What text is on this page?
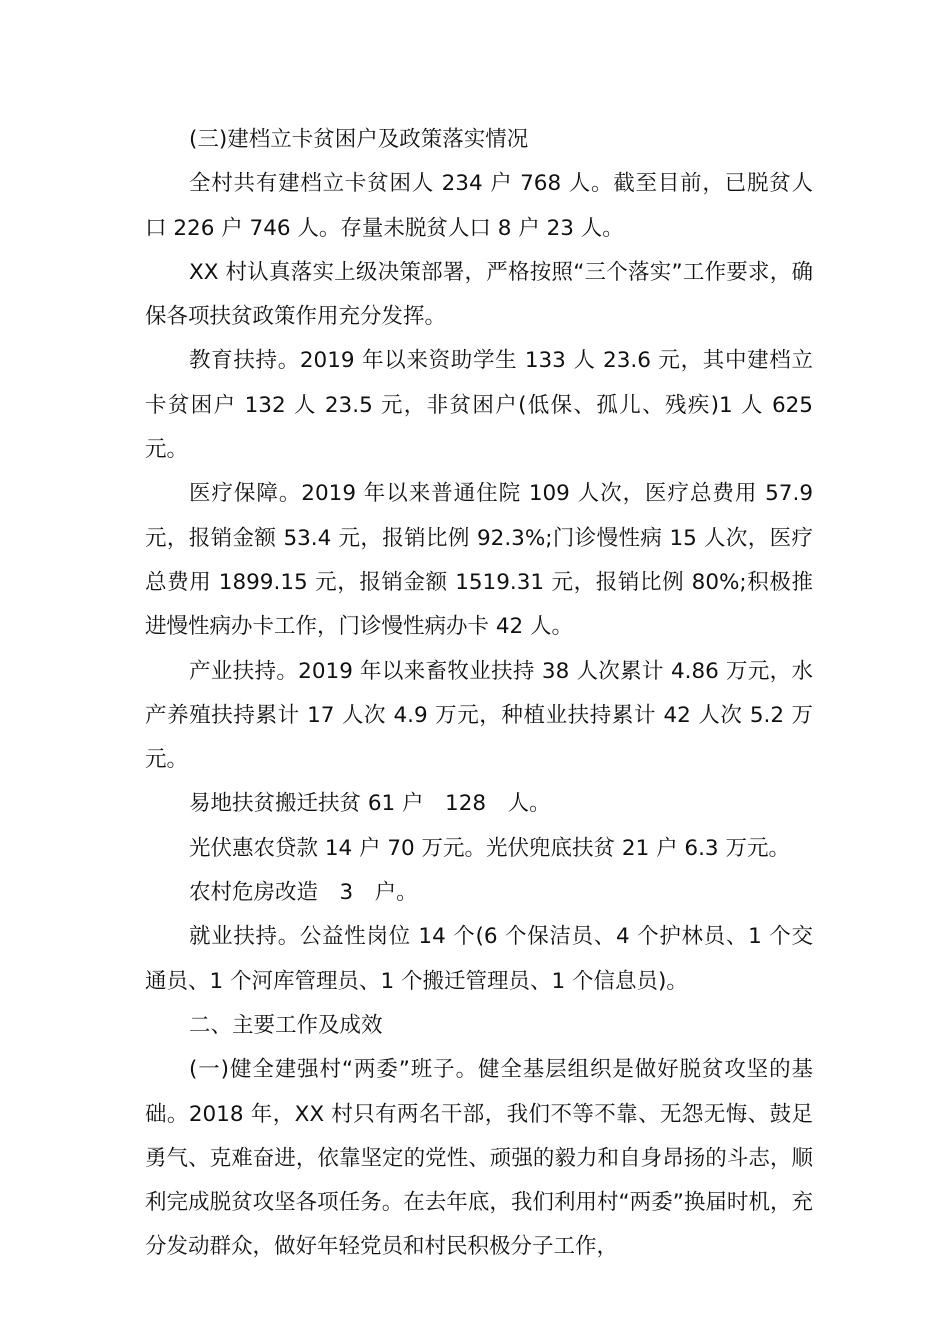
(三)建档立卡贫困户及政策落实情况

全村共有建档立卡贫困人 234 户 768 人。截至目前，已脱贫人口 226 户 746 人。存量未脱贫人口 8 户 23 人。

XX 村认真落实上级决策部署，严格按照“三个落实”工作要求，确保各项扶贫政策作用充分发挥。

教育扶持。2019 年以来资助学生 133 人 23.6 元，其中建档立卡贫困户 132 人 23.5 元，非贫困户(低保、孤儿、残疾)1 人 625 元。

医疗保障。2019 年以来普通住院 109 人次，医疗总费用 57.9 元，报销金额 53.4 元，报销比例 92.3%;门诊慢性病 15 人次，医疗总费用 1899.15 元，报销金额 1519.31 元，报销比例 80%;积极推进慢性病办卡工作，门诊慢性病办卡 42 人。

产业扶持。2019 年以来畜牧业扶持 38 人次累计 4.86 万元，水产养殖扶持累计 17 人次 4.9 万元，种植业扶持累计 42 人次 5.2 万元。

易地扶贫搬迁扶贫 61 户　128　人。

光伏惠农贷款 14 户 70 万元。光伏兜底扶贫 21 户 6.3 万元。

农村危房改造　3　户。

就业扶持。公益性岗位 14 个(6 个保洁员、4 个护林员、1 个交通员、1 个河库管理员、1 个搬迁管理员、1 个信息员)。

二、主要工作及成效

(一)健全建强村“两委”班子。健全基层组织是做好脱贫攻坚的基础。2018 年，XX 村只有两名干部，我们不等不靠、无怨无悔、鼓足勇气、克难奋进，依靠坚定的党性、顽强的毅力和自身昂扬的斗志，顺利完成脱贫攻坚各项任务。在去年底，我们利用村“两委”换届时机，充分发动群众，做好年轻党员和村民积极分子工作，
